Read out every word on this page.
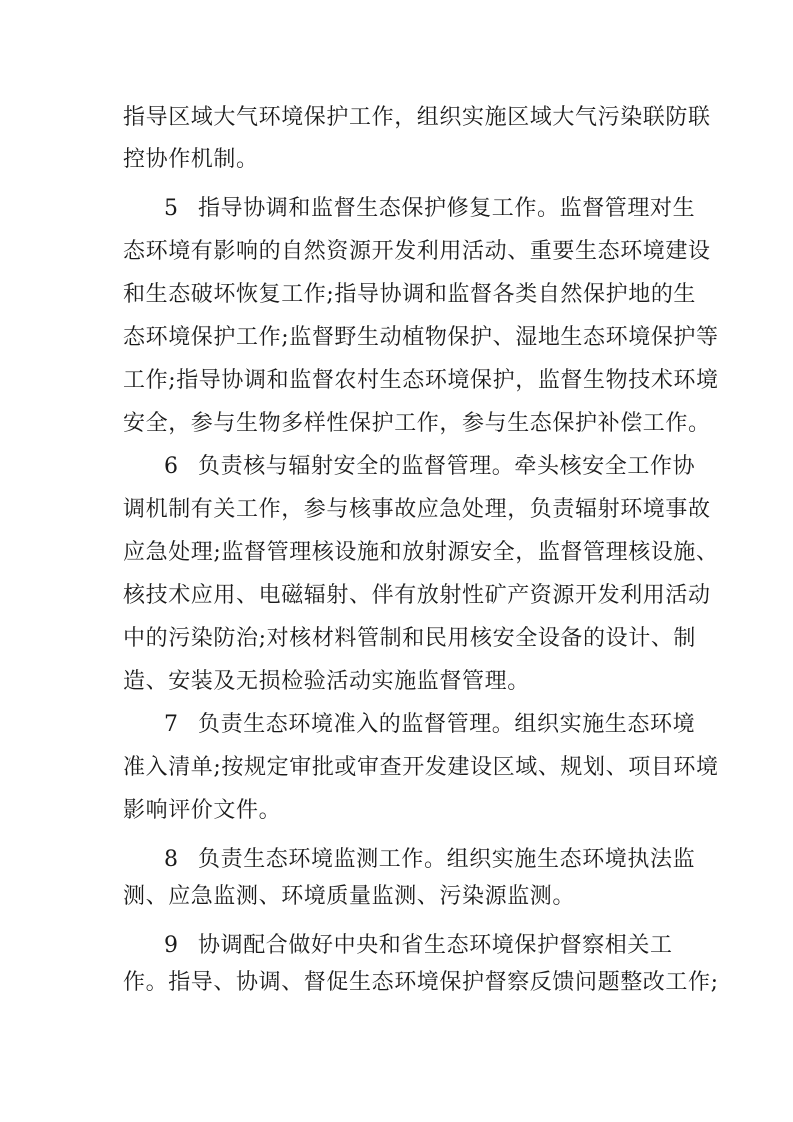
指导区域大气环境保护工作，组织实施区域大气污染联防联
控协作机制。
5 指导协调和监督生态保护修复工作。监督管理对生
态环境有影响的自然资源开发利用活动、重要生态环境建设
和生态破坏恢复工作;指导协调和监督各类自然保护地的生
态环境保护工作;监督野生动植物保护、湿地生态环境保护等
工作;指导协调和监督农村生态环境保护，监督生物技术环境
安全，参与生物多样性保护工作，参与生态保护补偿工作。
6 负责核与辐射安全的监督管理。牵头核安全工作协
调机制有关工作，参与核事故应急处理，负责辐射环境事故
应急处理;监督管理核设施和放射源安全，监督管理核设施、
核技术应用、电磁辐射、伴有放射性矿产资源开发利用活动
中的污染防治;对核材料管制和民用核安全设备的设计、制
造、安装及无损检验活动实施监督管理。
7 负责生态环境准入的监督管理。组织实施生态环境
准入清单;按规定审批或审查开发建设区域、规划、项目环境
影响评价文件。
8 负责生态环境监测工作。组织实施生态环境执法监
测、应急监测、环境质量监测、污染源监测。
9 协调配合做好中央和省生态环境保护督察相关工
作。指导、协调、督促生态环境保护督察反馈问题整改工作;
